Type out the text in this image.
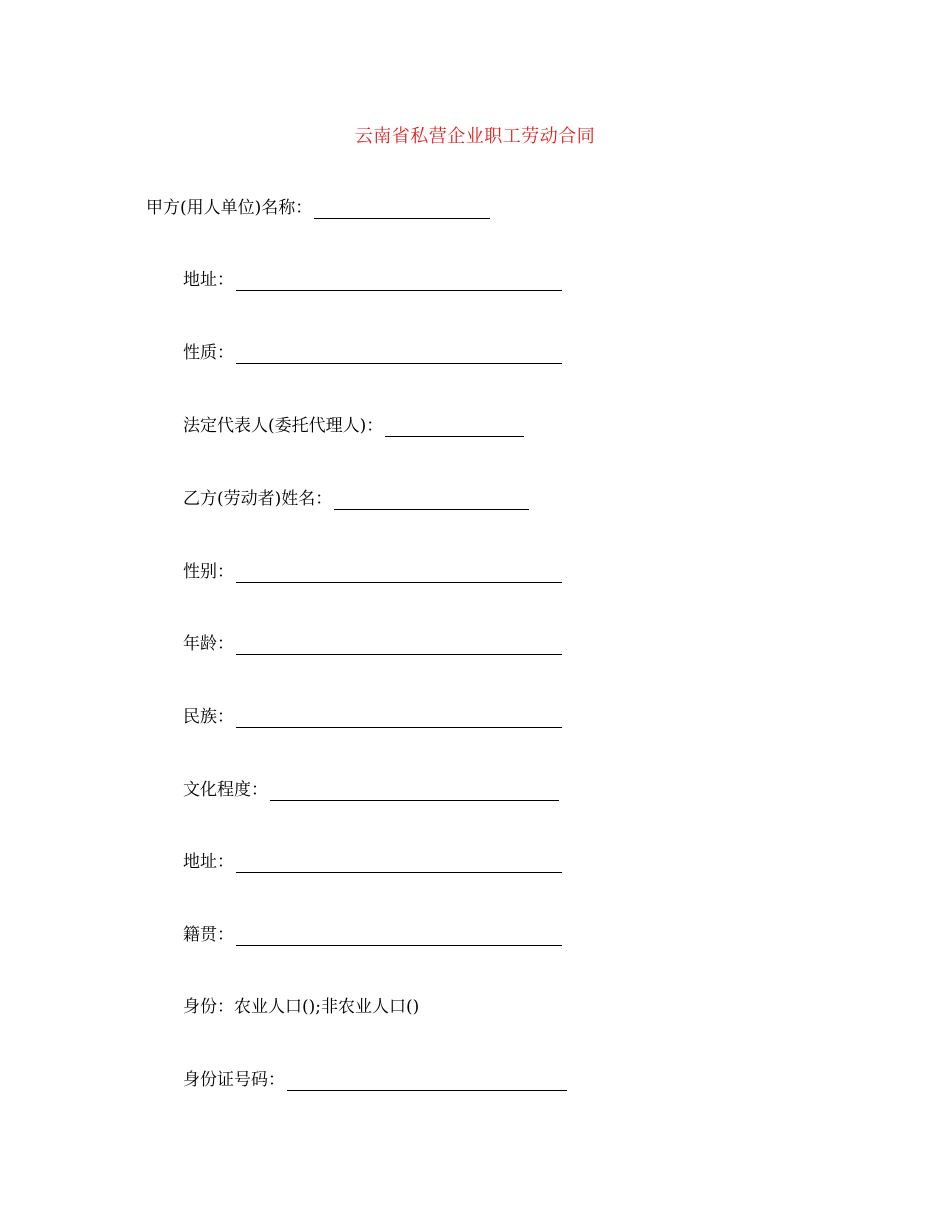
云南省私营企业职工劳动合同
甲方(用人单位)名称：
地址：
性质：
法定代表人(委托代理人)：
乙方(劳动者)姓名：
性别：
年龄：
民族：
文化程度：
地址：
籍贯：
身份：农业人口();非农业人口()
身份证号码：
